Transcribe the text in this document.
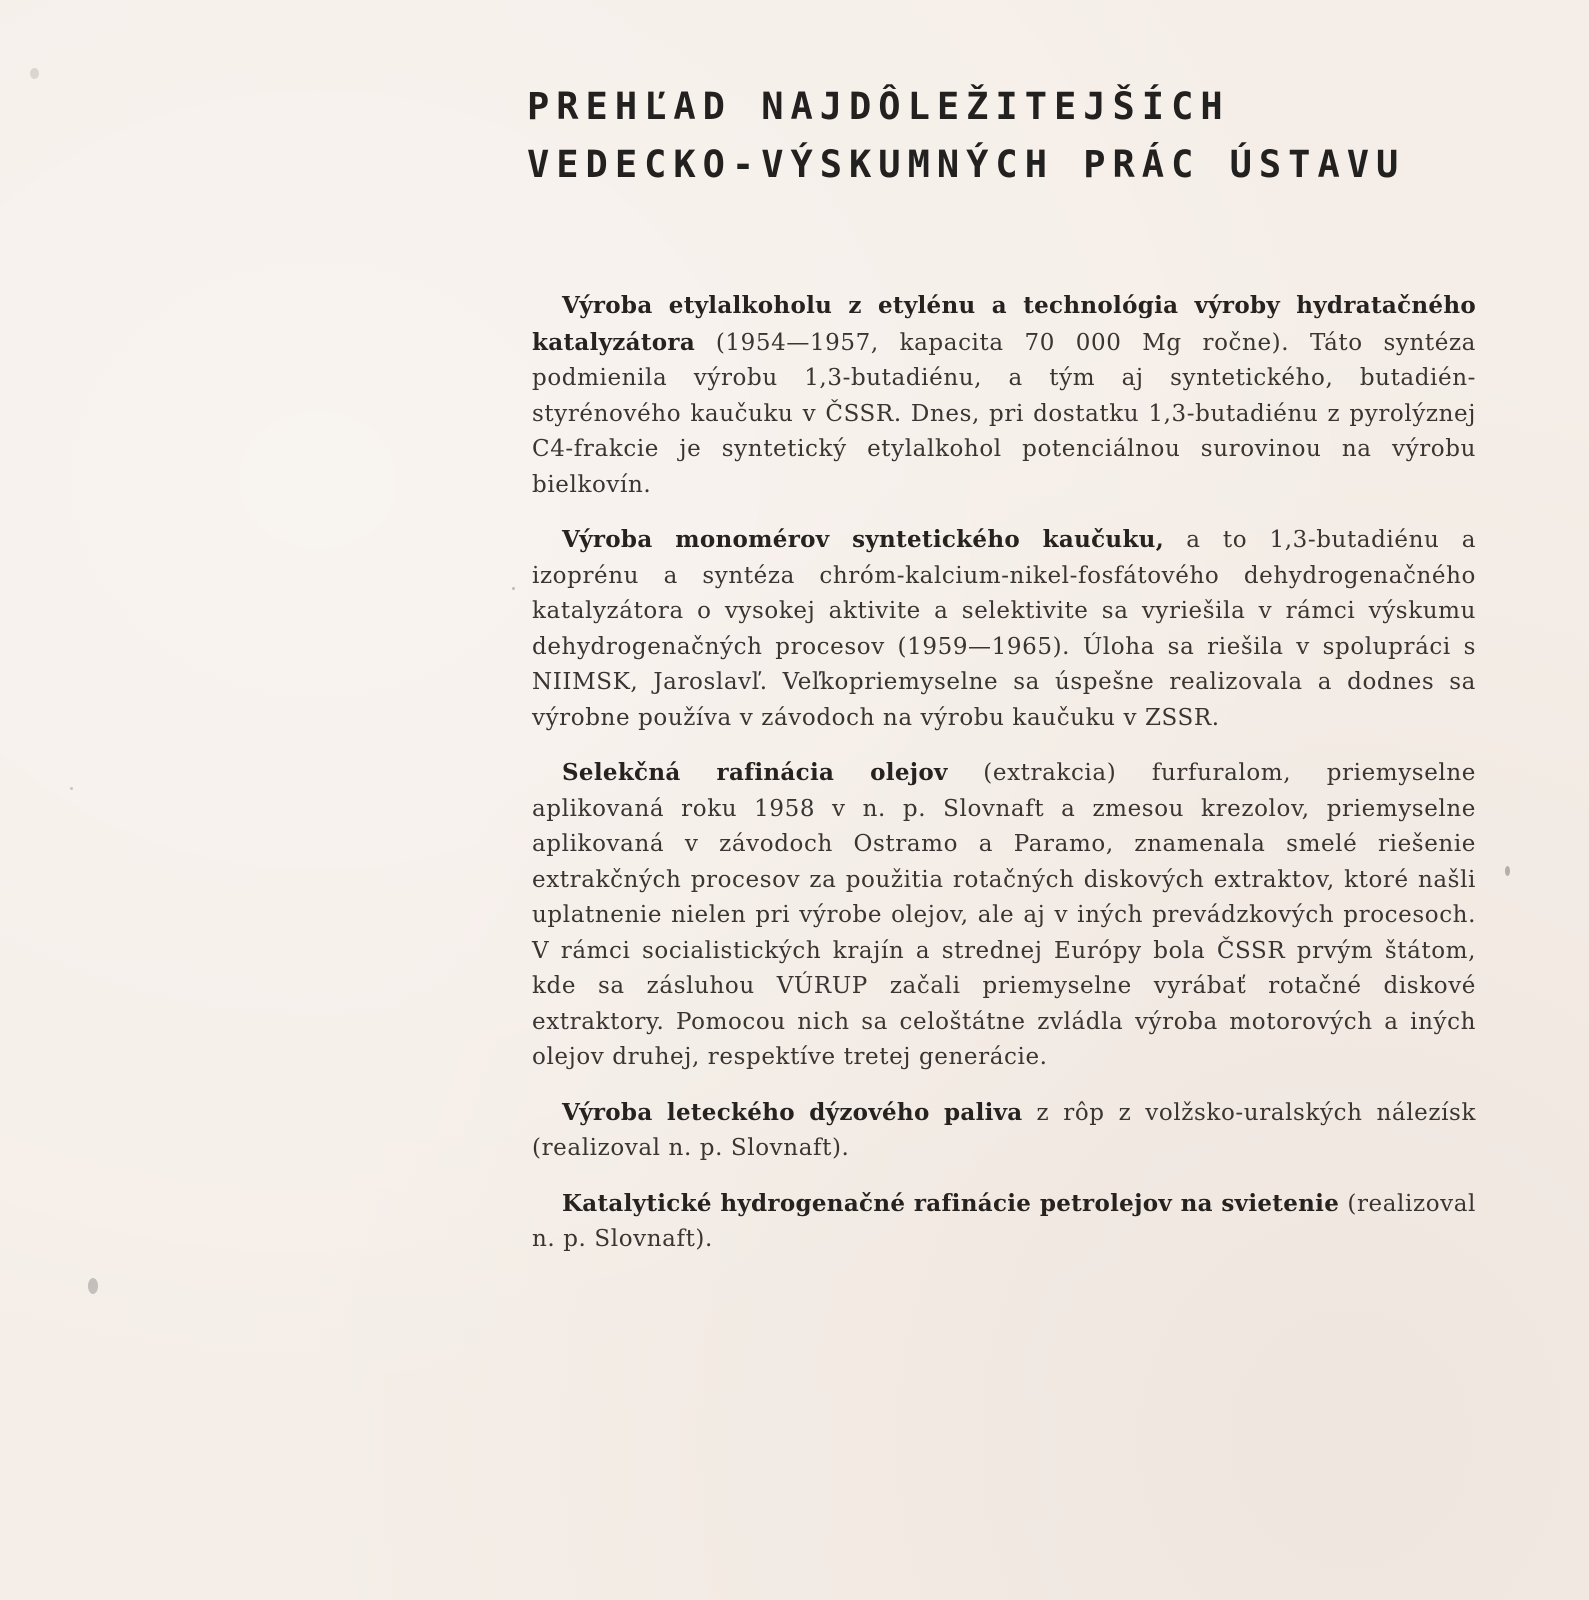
PREHĽAD NAJDÔLEŽITEJŠÍCH
VEDECKO-VÝSKUMNÝCH PRÁC ÚSTAVU

Výroba etylalkoholu z etylénu a technológia výroby hydratačného katalyzátora (1954—1957, kapacita 70 000 Mg ročne). Táto syntéza podmienila výrobu 1,3-butadiénu, a tým aj syntetického, butadién-styrénového kaučuku v ČSSR. Dnes, pri dostatku 1,3-butadiénu z pyrolýznej C4-frakcie je syntetický etylalkohol potenciálnou surovinou na výrobu bielkovín.

Výroba monomérov syntetického kaučuku, a to 1,3-butadiénu a izoprénu a syntéza chróm-kalcium-nikel-fosfátového dehydrogenačného katalyzátora o vysokej aktivite a selektivite sa vyriešila v rámci výskumu dehydrogenačných procesov (1959—1965). Úloha sa riešila v spolupráci s NIIMSK, Jaroslavľ. Veľkopriemyselne sa úspešne realizovala a dodnes sa výrobne používa v závodoch na výrobu kaučuku v ZSSR.

Selekčná rafinácia olejov (extrakcia) furfuralom, priemyselne aplikovaná roku 1958 v n. p. Slovnaft a zmesou krezolov, priemyselne aplikovaná v závodoch Ostramo a Paramo, znamenala smelé riešenie extrakčných procesov za použitia rotačných diskových extraktov, ktoré našli uplatnenie nielen pri výrobe olejov, ale aj v iných prevádzkových procesoch. V rámci socialistických krajín a strednej Európy bola ČSSR prvým štátom, kde sa zásluhou VÚRUP začali priemyselne vyrábať rotačné diskové extraktory. Pomocou nich sa celoštátne zvládla výroba motorových a iných olejov druhej, respektíve tretej generácie.

Výroba leteckého dýzového paliva z rôp z volžsko-uralských nálezísk (realizoval n. p. Slovnaft).

Katalytické hydrogenačné rafinácie petrolejov na svietenie (realizoval n. p. Slovnaft).
